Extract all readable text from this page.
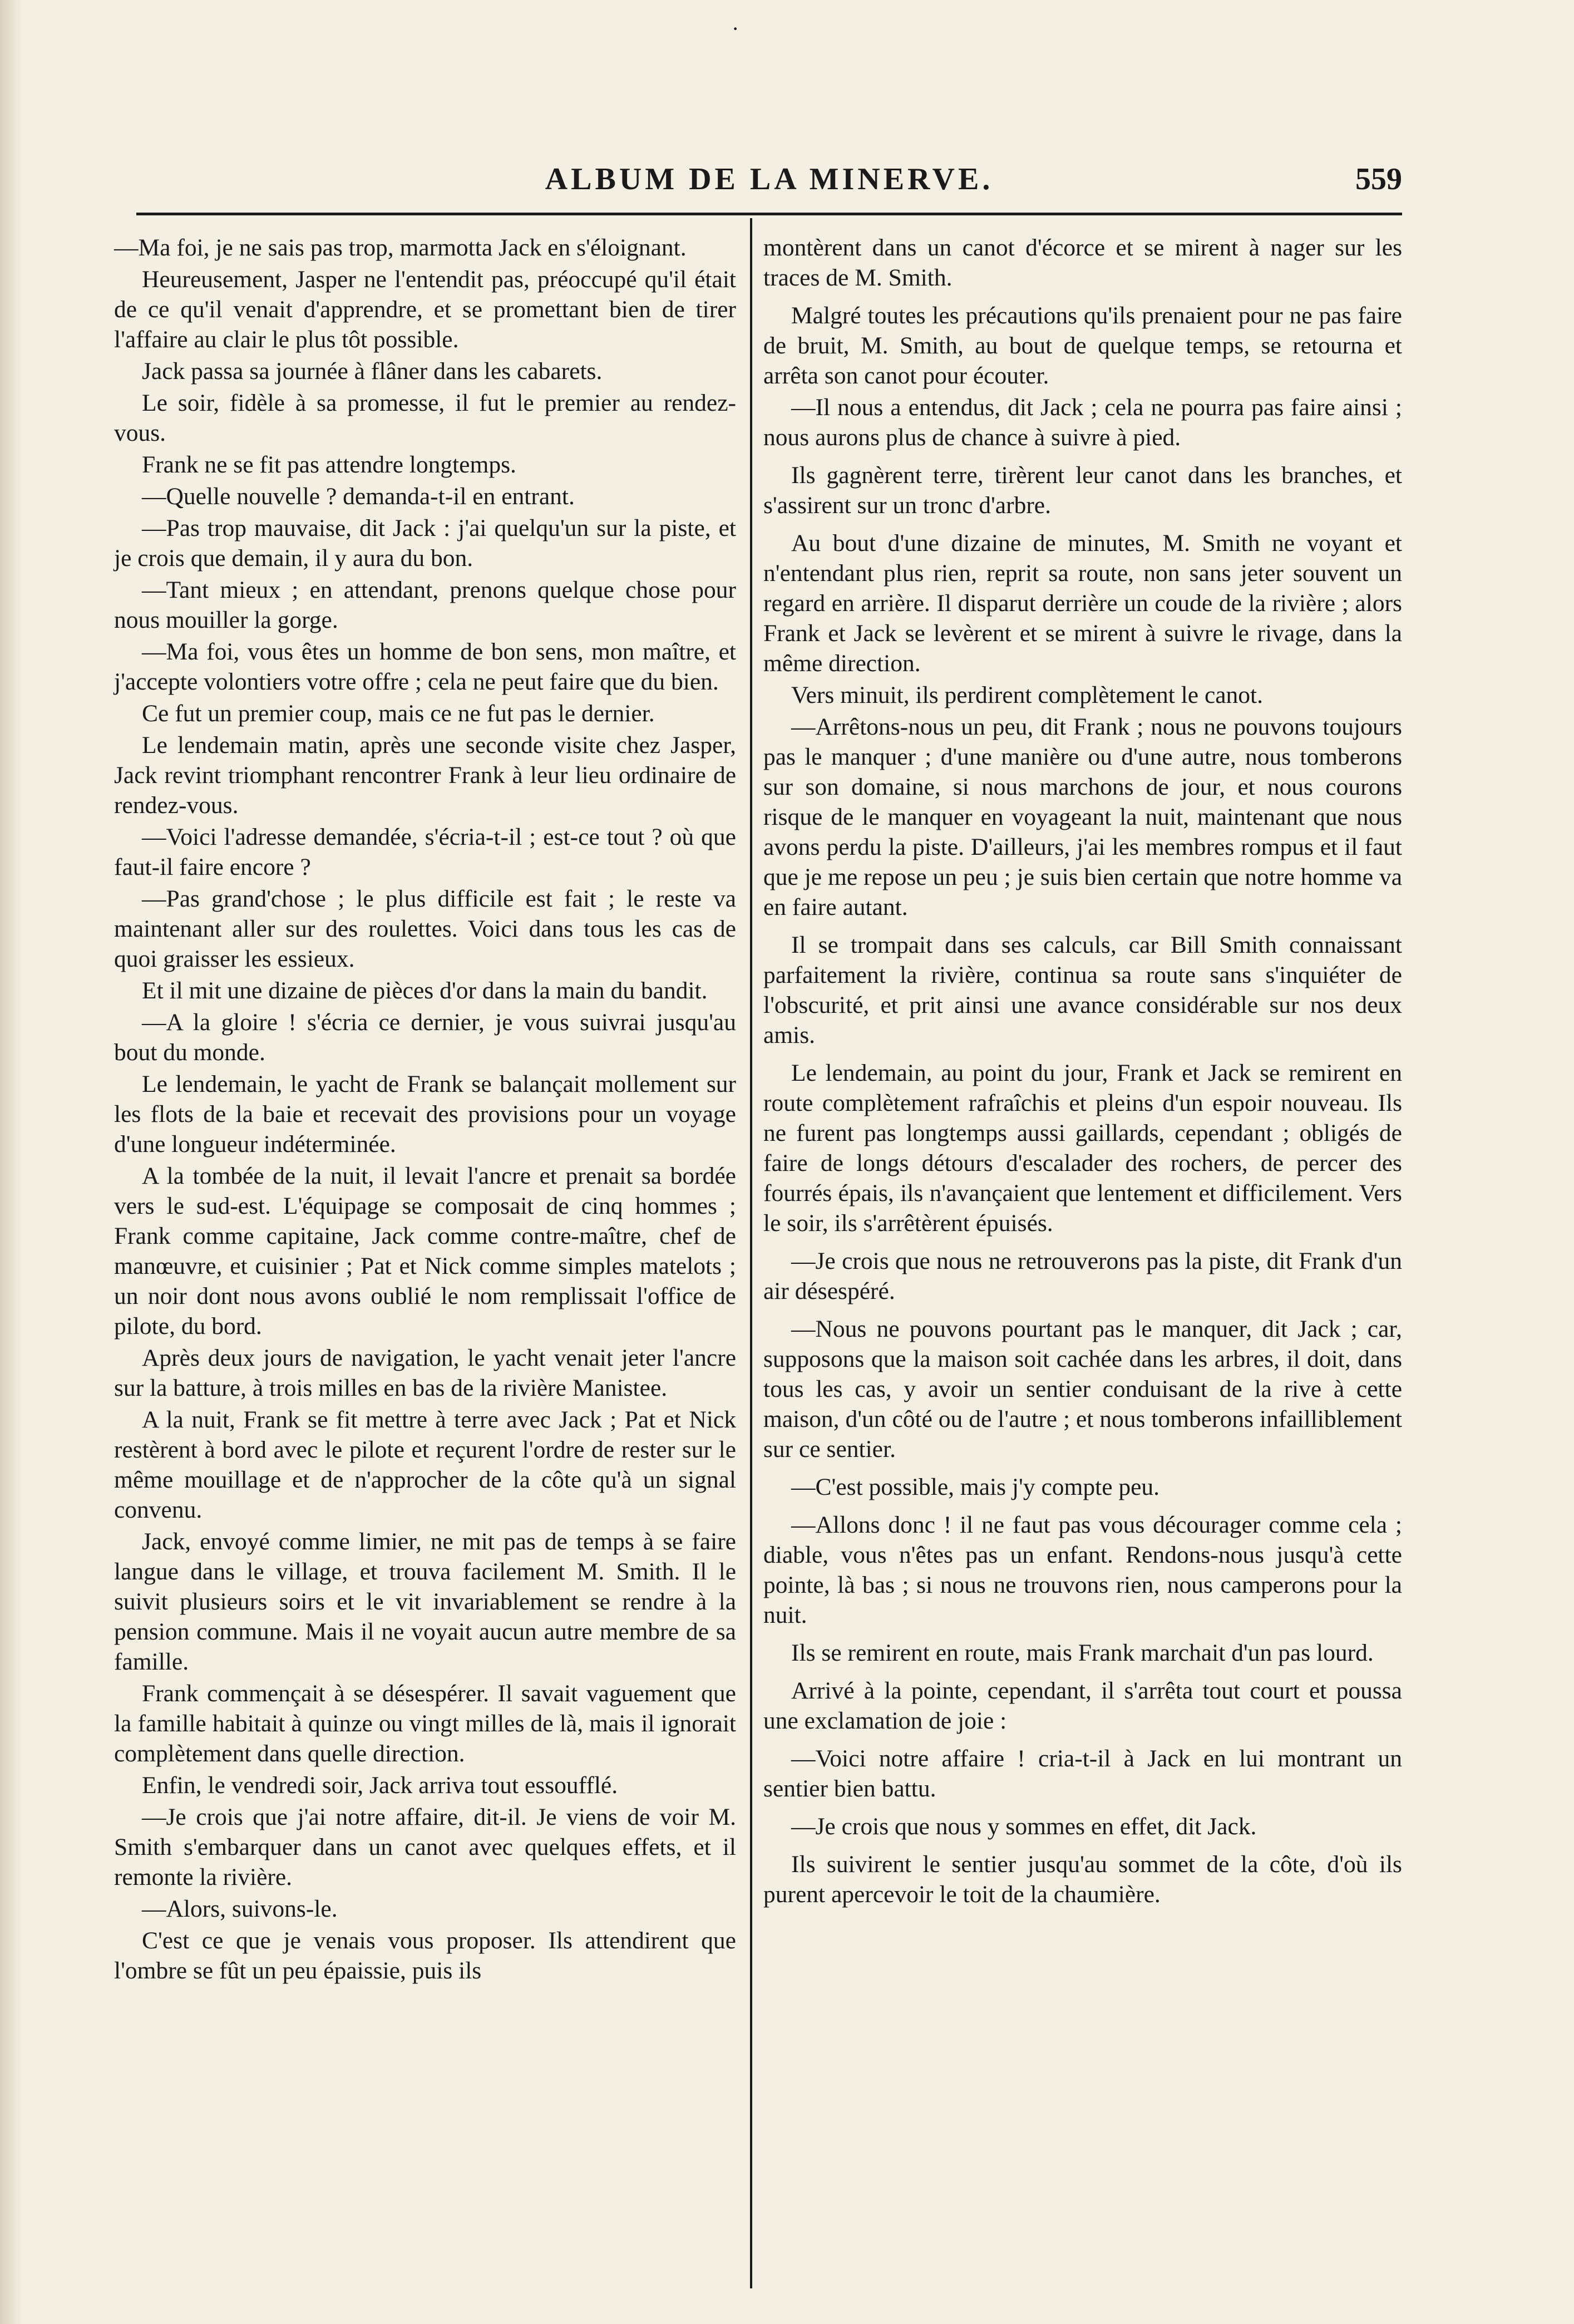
·
ALBUM DE LA MINERVE.	559

—Ma foi, je ne sais pas trop, marmotta Jack en s'éloignant.

Heureusement, Jasper ne l'entendit pas, préoccupé qu'il était de ce qu'il venait d'apprendre, et se promettant bien de tirer l'affaire au clair le plus tôt possible.

Jack passa sa journée à flâner dans les cabarets.

Le soir, fidèle à sa promesse, il fut le premier au rendez-vous.

Frank ne se fit pas attendre longtemps.

—Quelle nouvelle ? demanda-t-il en entrant.

—Pas trop mauvaise, dit Jack : j'ai quelqu'un sur la piste, et je crois que demain, il y aura du bon.

—Tant mieux ; en attendant, prenons quelque chose pour nous mouiller la gorge.

—Ma foi, vous êtes un homme de bon sens, mon maître, et j'accepte volontiers votre offre ; cela ne peut faire que du bien.

Ce fut un premier coup, mais ce ne fut pas le dernier.

Le lendemain matin, après une seconde visite chez Jasper, Jack revint triomphant rencontrer Frank à leur lieu ordinaire de rendez-vous.

—Voici l'adresse demandée, s'écria-t-il ; est-ce tout ? où que faut-il faire encore ?

—Pas grand'chose ; le plus difficile est fait ; le reste va maintenant aller sur des roulettes. Voici dans tous les cas de quoi graisser les essieux.

Et il mit une dizaine de pièces d'or dans la main du bandit.

—A la gloire ! s'écria ce dernier, je vous suivrai jusqu'au bout du monde.

Le lendemain, le yacht de Frank se balançait mollement sur les flots de la baie et recevait des provisions pour un voyage d'une longueur indéterminée.

A la tombée de la nuit, il levait l'ancre et prenait sa bordée vers le sud-est. L'équipage se composait de cinq hommes ; Frank comme capitaine, Jack comme contre-maître, chef de manœuvre, et cuisinier ; Pat et Nick comme simples matelots ; un noir dont nous avons oublié le nom remplissait l'office de pilote, du bord.

Après deux jours de navigation, le yacht venait jeter l'ancre sur la batture, à trois milles en bas de la rivière Manistee.

A la nuit, Frank se fit mettre à terre avec Jack ; Pat et Nick restèrent à bord avec le pilote et reçurent l'ordre de rester sur le même mouillage et de n'approcher de la côte qu'à un signal convenu.

Jack, envoyé comme limier, ne mit pas de temps à se faire langue dans le village, et trouva facilement M. Smith. Il le suivit plusieurs soirs et le vit invariablement se rendre à la pension commune. Mais il ne voyait aucun autre membre de sa famille.

Frank commençait à se désespérer. Il savait vaguement que la famille habitait à quinze ou vingt milles de là, mais il ignorait complètement dans quelle direction.

Enfin, le vendredi soir, Jack arriva tout essoufflé.

—Je crois que j'ai notre affaire, dit-il. Je viens de voir M. Smith s'embarquer dans un canot avec quelques effets, et il remonte la rivière.

—Alors, suivons-le.

C'est ce que je venais vous proposer. Ils attendirent que l'ombre se fût un peu épaissie, puis ils

montèrent dans un canot d'écorce et se mirent à nager sur les traces de M. Smith.

Malgré toutes les précautions qu'ils prenaient pour ne pas faire de bruit, M. Smith, au bout de quelque temps, se retourna et arrêta son canot pour écouter.

—Il nous a entendus, dit Jack ; cela ne pourra pas faire ainsi ; nous aurons plus de chance à suivre à pied.

Ils gagnèrent terre, tirèrent leur canot dans les branches, et s'assirent sur un tronc d'arbre.

Au bout d'une dizaine de minutes, M. Smith ne voyant et n'entendant plus rien, reprit sa route, non sans jeter souvent un regard en arrière. Il disparut derrière un coude de la rivière ; alors Frank et Jack se levèrent et se mirent à suivre le rivage, dans la même direction.

Vers minuit, ils perdirent complètement le canot.

—Arrêtons-nous un peu, dit Frank ; nous ne pouvons toujours pas le manquer ; d'une manière ou d'une autre, nous tomberons sur son domaine, si nous marchons de jour, et nous courons risque de le manquer en voyageant la nuit, maintenant que nous avons perdu la piste. D'ailleurs, j'ai les membres rompus et il faut que je me repose un peu ; je suis bien certain que notre homme va en faire autant.

Il se trompait dans ses calculs, car Bill Smith connaissant parfaitement la rivière, continua sa route sans s'inquiéter de l'obscurité, et prit ainsi une avance considérable sur nos deux amis.

Le lendemain, au point du jour, Frank et Jack se remirent en route complètement rafraîchis et pleins d'un espoir nouveau. Ils ne furent pas longtemps aussi gaillards, cependant ; obligés de faire de longs détours d'escalader des rochers, de percer des fourrés épais, ils n'avançaient que lentement et difficilement. Vers le soir, ils s'arrêtèrent épuisés.

—Je crois que nous ne retrouverons pas la piste, dit Frank d'un air désespéré.

—Nous ne pouvons pourtant pas le manquer, dit Jack ; car, supposons que la maison soit cachée dans les arbres, il doit, dans tous les cas, y avoir un sentier conduisant de la rive à cette maison, d'un côté ou de l'autre ; et nous tomberons infailliblement sur ce sentier.

—C'est possible, mais j'y compte peu.

—Allons donc ! il ne faut pas vous décourager comme cela ; diable, vous n'êtes pas un enfant. Rendons-nous jusqu'à cette pointe, là bas ; si nous ne trouvons rien, nous camperons pour la nuit.

Ils se remirent en route, mais Frank marchait d'un pas lourd.

Arrivé à la pointe, cependant, il s'arrêta tout court et poussa une exclamation de joie :

—Voici notre affaire ! cria-t-il à Jack en lui montrant un sentier bien battu.

—Je crois que nous y sommes en effet, dit Jack.

Ils suivirent le sentier jusqu'au sommet de la côte, d'où ils purent apercevoir le toit de la chaumière.
